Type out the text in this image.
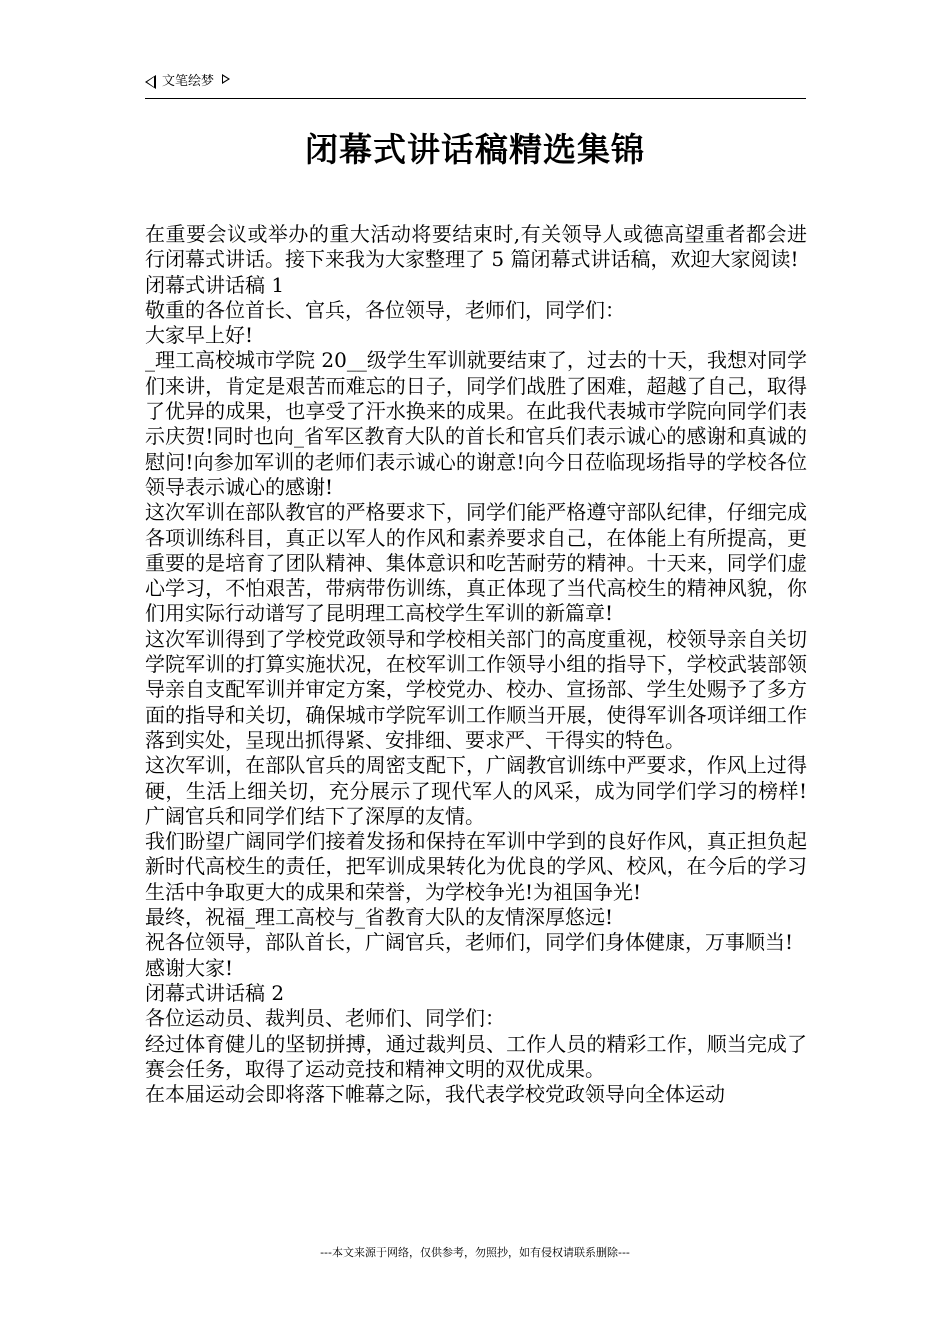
文笔绘梦
闭幕式讲话稿精选集锦

在重要会议或举办的重大活动将要结束时,有关领导人或德高望重者都会进行闭幕式讲话。接下来我为大家整理了 5 篇闭幕式讲话稿，欢迎大家阅读!

闭幕式讲话稿 1

敬重的各位首长、官兵，各位领导，老师们，同学们：

大家早上好!

_理工高校城市学院 20__级学生军训就要结束了，过去的十天，我想对同学们来讲，肯定是艰苦而难忘的日子，同学们战胜了困难，超越了自己，取得了优异的成果，也享受了汗水换来的成果。在此我代表城市学院向同学们表示庆贺!同时也向_省军区教育大队的首长和官兵们表示诚心的感谢和真诚的慰问!向参加军训的老师们表示诚心的谢意!向今日莅临现场指导的学校各位领导表示诚心的感谢!

这次军训在部队教官的严格要求下，同学们能严格遵守部队纪律，仔细完成各项训练科目，真正以军人的作风和素养要求自己，在体能上有所提高，更重要的是培育了团队精神、集体意识和吃苦耐劳的精神。十天来，同学们虚心学习，不怕艰苦，带病带伤训练，真正体现了当代高校生的精神风貌，你们用实际行动谱写了昆明理工高校学生军训的新篇章!

这次军训得到了学校党政领导和学校相关部门的高度重视，校领导亲自关切学院军训的打算实施状况，在校军训工作领导小组的指导下，学校武装部领导亲自支配军训并审定方案，学校党办、校办、宣扬部、学生处赐予了多方面的指导和关切，确保城市学院军训工作顺当开展，使得军训各项详细工作落到实处，呈现出抓得紧、安排细、要求严、干得实的特色。

这次军训，在部队官兵的周密支配下，广阔教官训练中严要求，作风上过得硬，生活上细关切，充分展示了现代军人的风采，成为同学们学习的榜样!广阔官兵和同学们结下了深厚的友情。

我们盼望广阔同学们接着发扬和保持在军训中学到的良好作风，真正担负起新时代高校生的责任，把军训成果转化为优良的学风、校风，在今后的学习生活中争取更大的成果和荣誉，为学校争光!为祖国争光!

最终，祝福_理工高校与_省教育大队的友情深厚悠远!

祝各位领导，部队首长，广阔官兵，老师们，同学们身体健康，万事顺当!

感谢大家!

闭幕式讲话稿 2

各位运动员、裁判员、老师们、同学们：

经过体育健儿的坚韧拼搏，通过裁判员、工作人员的精彩工作，顺当完成了赛会任务，取得了运动竞技和精神文明的双优成果。

在本届运动会即将落下帷幕之际，我代表学校党政领导向全体运动

---本文来源于网络，仅供参考，勿照抄，如有侵权请联系删除---
